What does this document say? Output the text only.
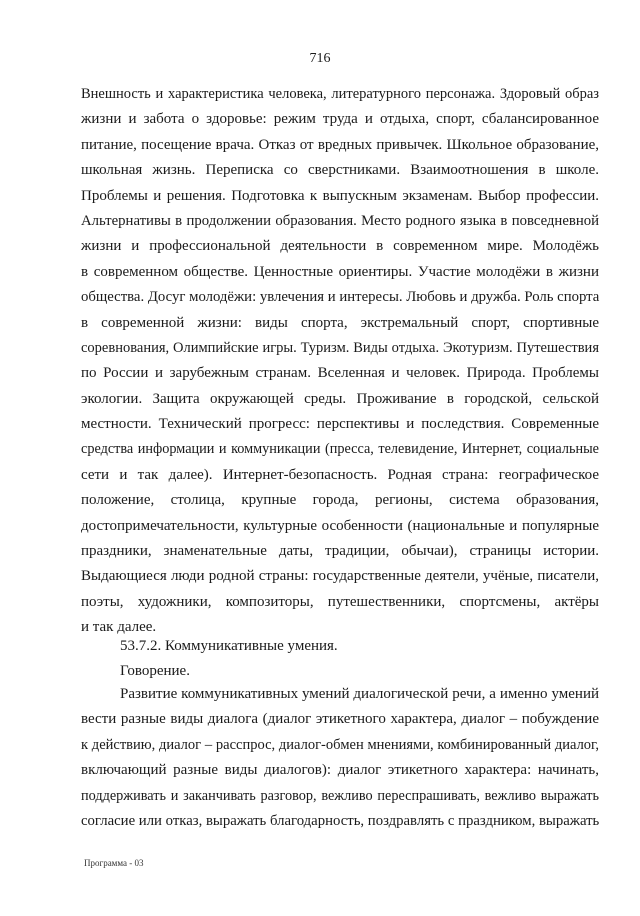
716
Внешность и характеристика человека, литературного персонажа. Здоровый образ
жизни и забота о здоровье: режим труда и отдыха, спорт, сбалансированное
питание, посещение врача. Отказ от вредных привычек. Школьное образование,
школьная жизнь. Переписка со сверстниками. Взаимоотношения в школе.
Проблемы и решения. Подготовка к выпускным экзаменам. Выбор профессии.
Альтернативы в продолжении образования. Место родного языка в повседневной
жизни и профессиональной деятельности в современном мире. Молодёжь
в современном обществе. Ценностные ориентиры. Участие молодёжи в жизни
общества. Досуг молодёжи: увлечения и интересы. Любовь и дружба. Роль спорта
в современной жизни: виды спорта, экстремальный спорт, спортивные
соревнования, Олимпийские игры. Туризм. Виды отдыха. Экотуризм. Путешествия
по России и зарубежным странам. Вселенная и человек. Природа. Проблемы
экологии. Защита окружающей среды. Проживание в городской, сельской
местности. Технический прогресс: перспективы и последствия. Современные
средства информации и коммуникации (пресса, телевидение, Интернет, социальные
сети и так далее). Интернет-безопасность. Родная страна: географическое
положение, столица, крупные города, регионы, система образования,
достопримечательности, культурные особенности (национальные и популярные
праздники, знаменательные даты, традиции, обычаи), страницы истории.
Выдающиеся люди родной страны: государственные деятели, учёные, писатели,
поэты, художники, композиторы, путешественники, спортсмены, актёры
и так далее.
53.7.2. Коммуникативные умения.
Говорение.
Развитие коммуникативных умений диалогической речи, а именно умений
вести разные виды диалога (диалог этикетного характера, диалог – побуждение
к действию, диалог – расспрос, диалог-обмен мнениями, комбинированный диалог,
включающий разные виды диалогов): диалог этикетного характера: начинать,
поддерживать и заканчивать разговор, вежливо переспрашивать, вежливо выражать
согласие или отказ, выражать благодарность, поздравлять с праздником, выражать
Программа - 03
